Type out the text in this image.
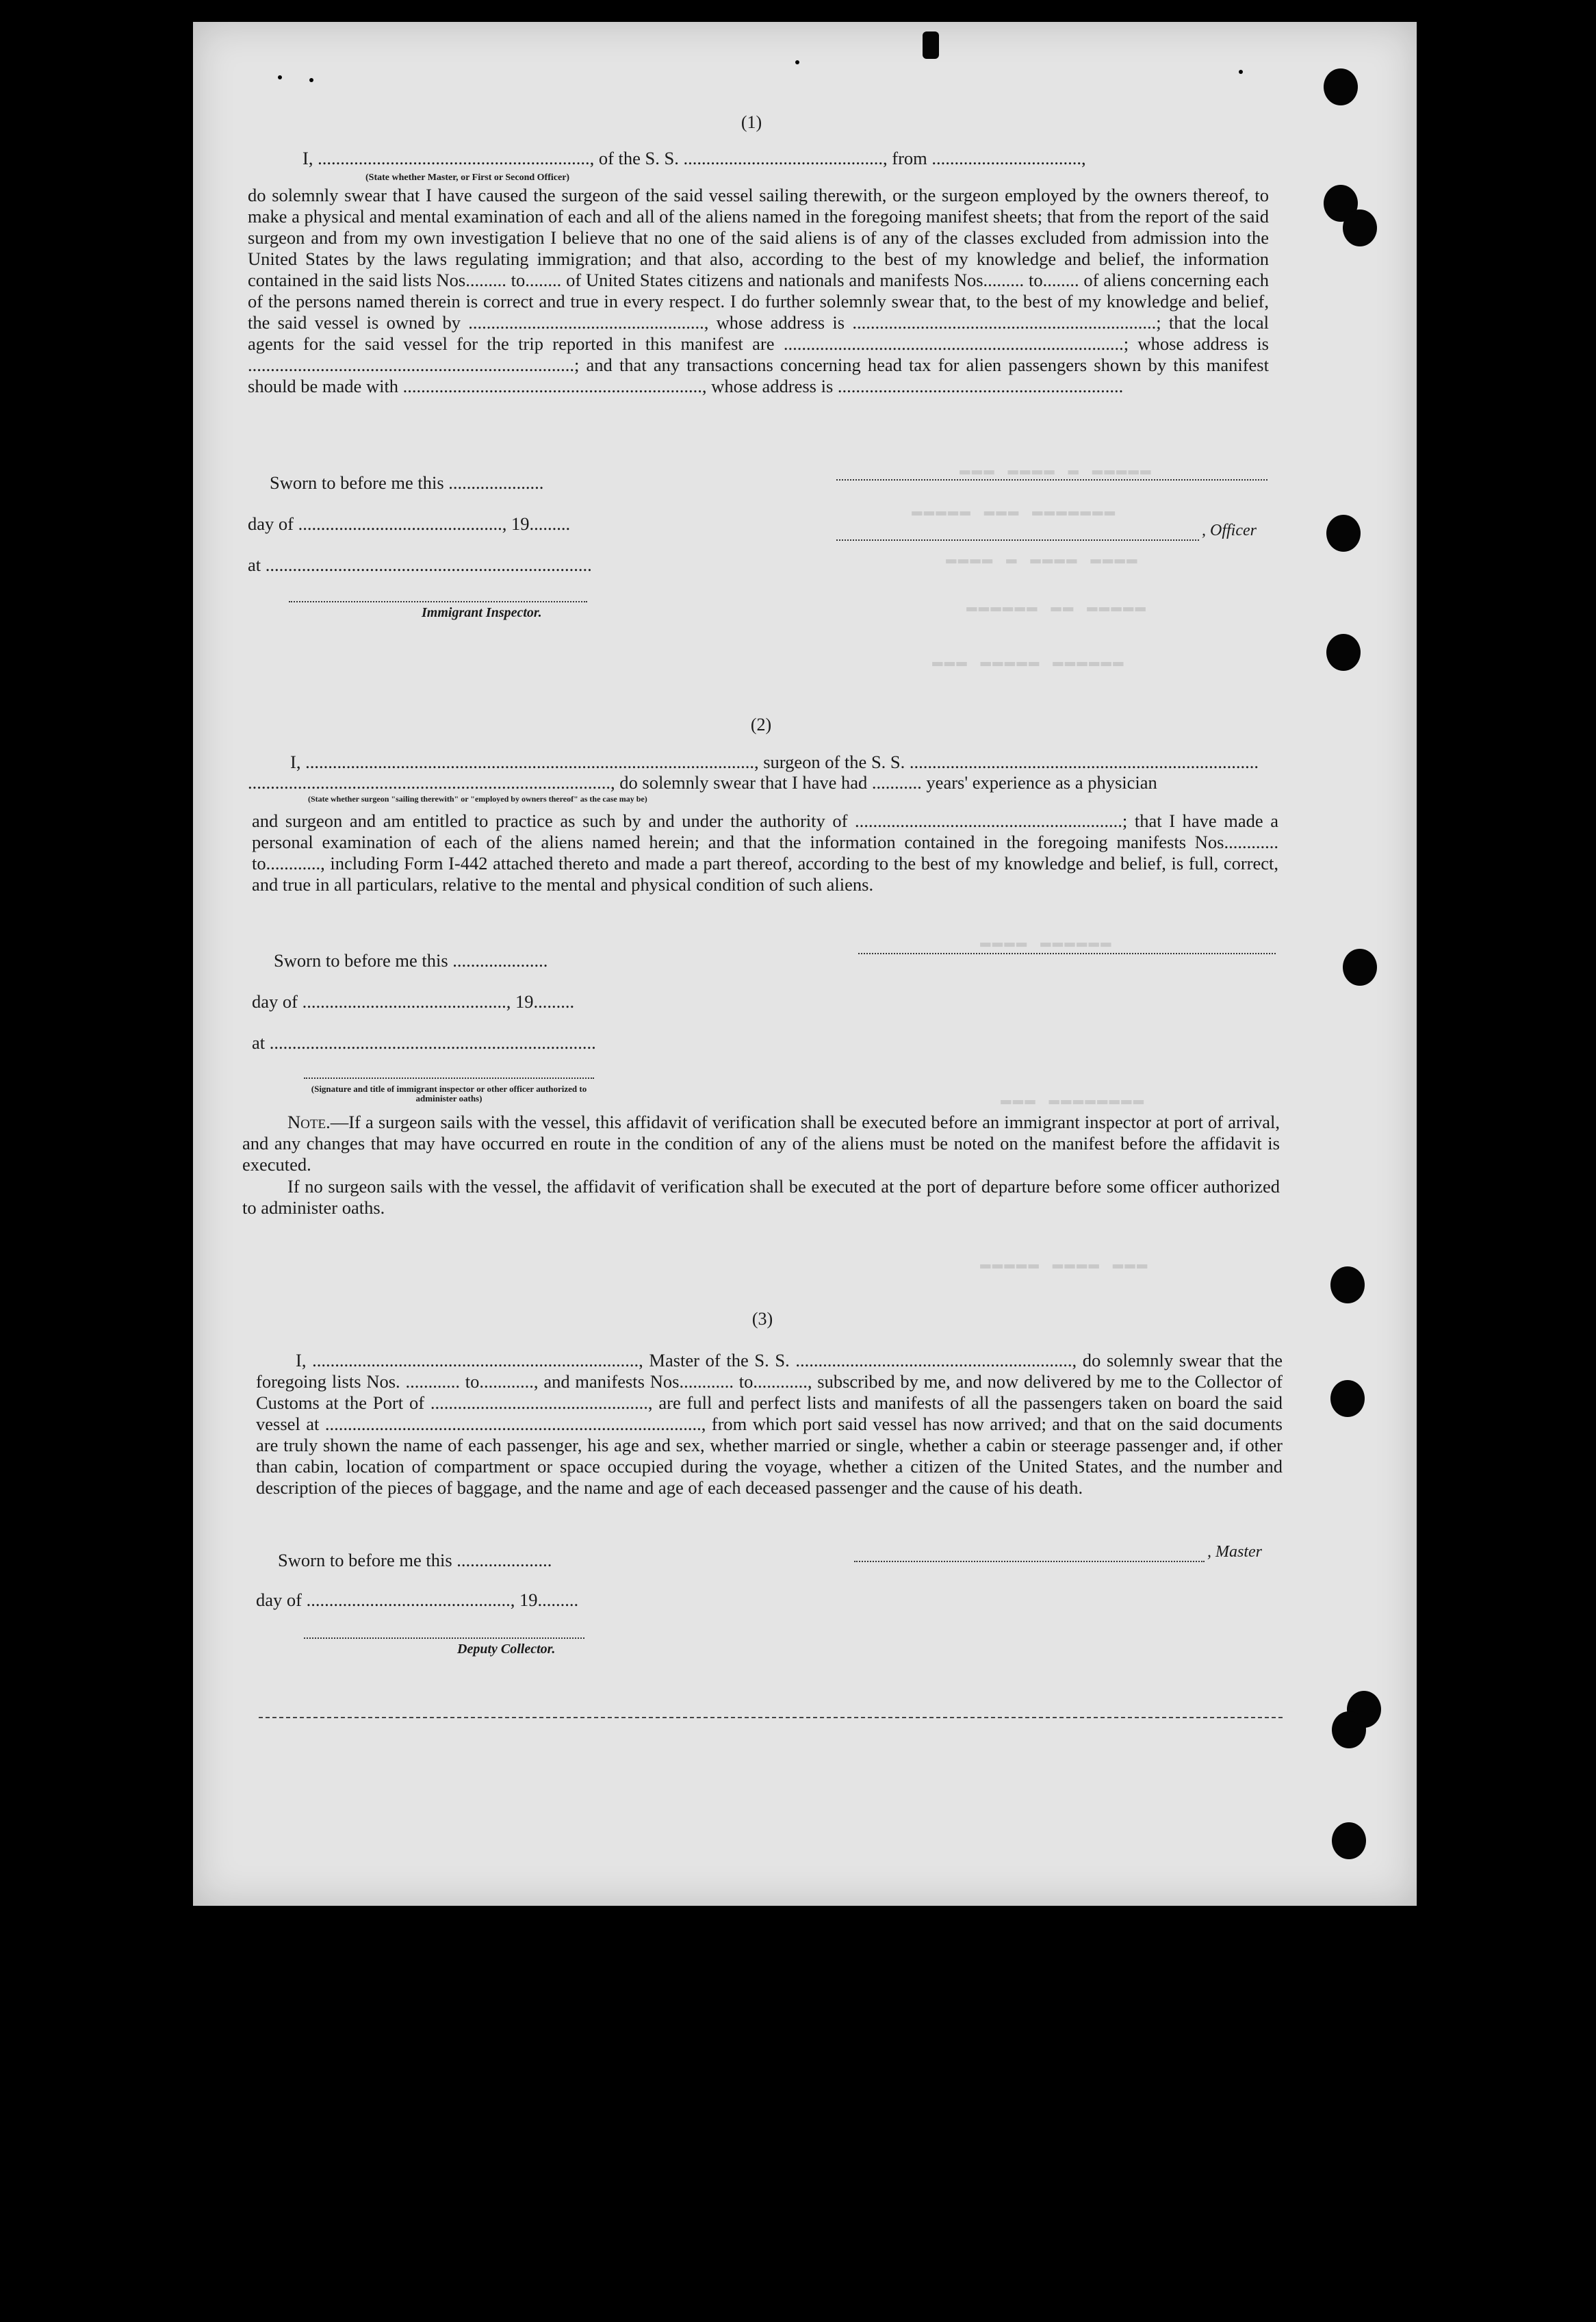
▬▬▬ ▬▬▬▬ ▬ ▬▬▬▬▬
▬▬▬▬▬ ▬▬▬ ▬▬▬▬▬▬▬
▬▬▬▬ ▬ ▬▬▬▬ ▬▬▬▬
▬▬▬▬▬▬ ▬▬ ▬▬▬▬▬
▬▬▬ ▬▬▬▬▬ ▬▬▬▬▬▬
▬▬▬▬ ▬▬▬▬▬▬
▬▬▬ ▬▬▬▬▬▬▬▬
▬▬▬▬▬ ▬▬▬▬ ▬▬▬
(1)
I, ............................................................, of the S. S. ............................................, from .................................,
(State whether Master, or First or Second Officer)
do solemnly swear that I have caused the surgeon of the said vessel sailing therewith, or the surgeon employed by the owners thereof, to make a physical and mental examination of each and all of the aliens named in the foregoing manifest sheets; that from the report of the said surgeon and from my own investigation I believe that no one of the said aliens is of any of the classes excluded from admission into the United States by the laws regulating immigration; and that also, according to the best of my knowledge and belief, the information contained in the said lists Nos......... to........ of United States citizens and nationals and manifests Nos......... to........ of aliens concerning each of the persons named therein is correct and true in every respect. I do further solemnly swear that, to the best of my knowledge and belief, the said vessel is owned by ...................................................., whose address is ...................................................................; that the local agents for the said vessel for the trip reported in this manifest are ...........................................................................; whose address is ........................................................................; and that any transactions concerning head tax for alien passengers shown by this manifest should be made with .................................................................., whose address is ...............................................................
Sworn to before me this .....................
day of ............................................., 19.........
at ........................................................................
Immigrant Inspector.
, Officer
(2)
I, ..................................................................................................., surgeon of the S. S. .............................................................................
................................................................................, do solemnly swear that I have had ........... years' experience as a physician
(State whether surgeon "sailing therewith" or "employed by owners thereof" as the case may be)
and surgeon and am entitled to practice as such by and under the authority of ...........................................................; that I have made a personal examination of each of the aliens named herein; and that the information contained in the foregoing manifests Nos............ to............, including Form I-442 attached thereto and made a part thereof, according to the best of my knowledge and belief, is full, correct, and true in all particulars, relative to the mental and physical condition of such aliens.
Sworn to before me this .....................
day of ............................................., 19.........
at ........................................................................
(Signature and title of immigrant inspector or other officer authorized to administer oaths)
Note.—If a surgeon sails with the vessel, this affidavit of verification shall be executed before an immigrant inspector at port of arrival, and any changes that may have occurred en route in the condition of any of the aliens must be noted on the manifest before the affidavit is executed.
If no surgeon sails with the vessel, the affidavit of verification shall be executed at the port of departure before some officer authorized to administer oaths.
(3)
I, ........................................................................, Master of the S. S. ............................................................., do solemnly swear that the foregoing lists Nos. ............ to............, and manifests Nos............ to............, subscribed by me, and now delivered by me to the Collector of Customs at the Port of ................................................, are full and perfect lists and manifests of all the passengers taken on board the said vessel at ..................................................................................., from which port said vessel has now arrived; and that on the said documents are truly shown the name of each passenger, his age and sex, whether married or single, whether a cabin or steerage passenger and, if other than cabin, location of compartment or space occupied during the voyage, whether a citizen of the United States, and the number and description of the pieces of baggage, and the name and age of each deceased passenger and the cause of his death.
Sworn to before me this .....................
day of ............................................., 19.........
, Master
Deputy Collector.
